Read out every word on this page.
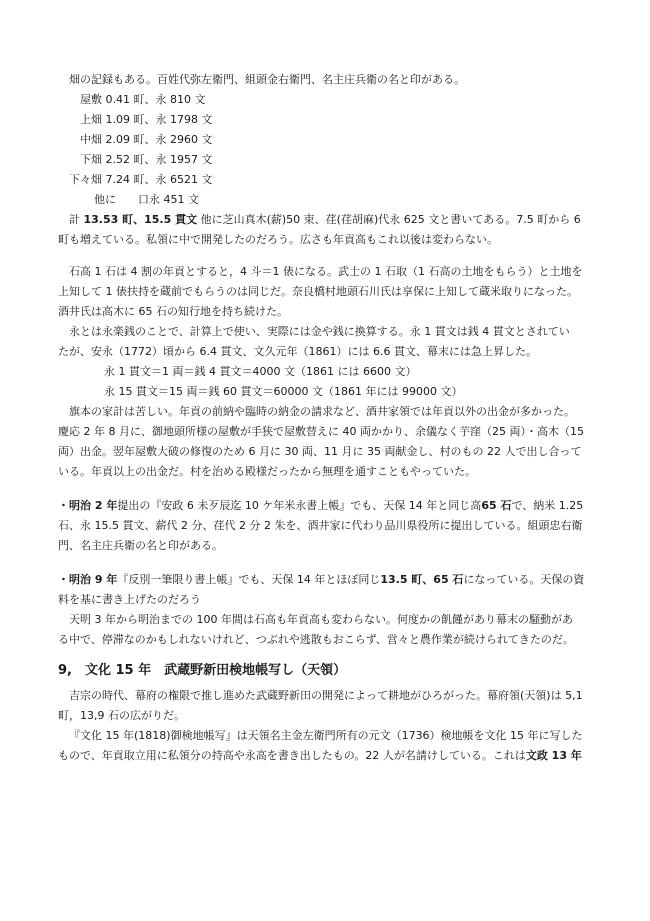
畑の記録もある。百姓代弥左衛門、組頭金右衛門、名主庄兵衛の名と印がある。
屋敷 0.41 町、永 810 文
上畑 1.09 町、永 1798 文
中畑 2.09 町、永 2960 文
下畑 2.52 町、永 1957 文
下々畑 7.24 町、永 6521 文
他に 口永 451 文
計 13.53 町、15.5 貫文 他に芝山真木(薪)50 束、荏(荏胡麻)代永 625 文と書いてある。7.5 町から 6
町も増えている。私領に中で開発したのだろう。広さも年貢高もこれ以後は変わらない。
石高 1 石は 4 割の年貢とすると，4 斗＝1 俵になる。武士の 1 石取（1 石高の土地をもらう）と土地を
上知して 1 俵扶持を蔵前でもらうのは同じだ。奈良橋村地頭石川氏は享保に上知して蔵米取りになった。
酒井氏は高木に 65 石の知行地を持ち続けた。
永とは永楽銭のことで、計算上で使い、実際には金や銭に換算する。永 1 貫文は銭 4 貫文とされてい
たが、安永（1772）頃から 6.4 貫文、文久元年（1861）には 6.6 貫文、幕末には急上昇した。
永 1 貫文＝1 両＝銭 4 貫文＝4000 文（1861 には 6600 文）
永 15 貫文＝15 両＝銭 60 貫文＝60000 文（1861 年には 99000 文）
旗本の家計は苦しい。年貢の前納や臨時の納金の請求など、酒井家領では年貢以外の出金が多かった。
慶応 2 年 8 月に、御地頭所様の屋敷が手狭で屋敷替えに 40 両かかり、余儀なく芋窪（25 両）・高木（15
両）出金。翌年屋敷大破の修復のため 6 月に 30 両、11 月に 35 両献金し、村のもの 22 人で出し合って
いる。年貢以上の出金だ。村を治める殿様だったから無理を通すこともやっていた。
・明治 2 年提出の『安政 6 未歹辰迄 10 ケ年米永書上帳』でも、天保 14 年と同じ高65 石で、納米 1.25
石、永 15.5 貫文、薪代 2 分、荏代 2 分 2 朱を、酒井家に代わり品川県役所に提出している。組頭忠右衛
門、名主庄兵衛の名と印がある。
・明治 9 年『反別一筆限り書上帳』でも、天保 14 年とほぼ同じ13.5 町、65 石になっている。天保の資
料を基に書き上げたのだろう
天明 3 年から明治までの 100 年間は石高も年貢高も変わらない。何度かの飢饉があり幕末の騒動があ
る中で、停滞なのかもしれないけれど、つぶれや逃散もおこらず、営々と農作業が続けられてきたのだ。
9,　文化 15 年　武蔵野新田検地帳写し（天領）
吉宗の時代、幕府の権限で推し進めた武蔵野新田の開発によって耕地がひろがった。幕府領(天領)は 5,1
町，13,9 石の広がりだ。
『文化 15 年(1818)御検地帳写』は天領名主金左衛門所有の元文（1736）検地帳を文化 15 年に写した
もので、年貢取立用に私領分の持高や永高を書き出したもの。22 人が名請けしている。これは文政 13 年
